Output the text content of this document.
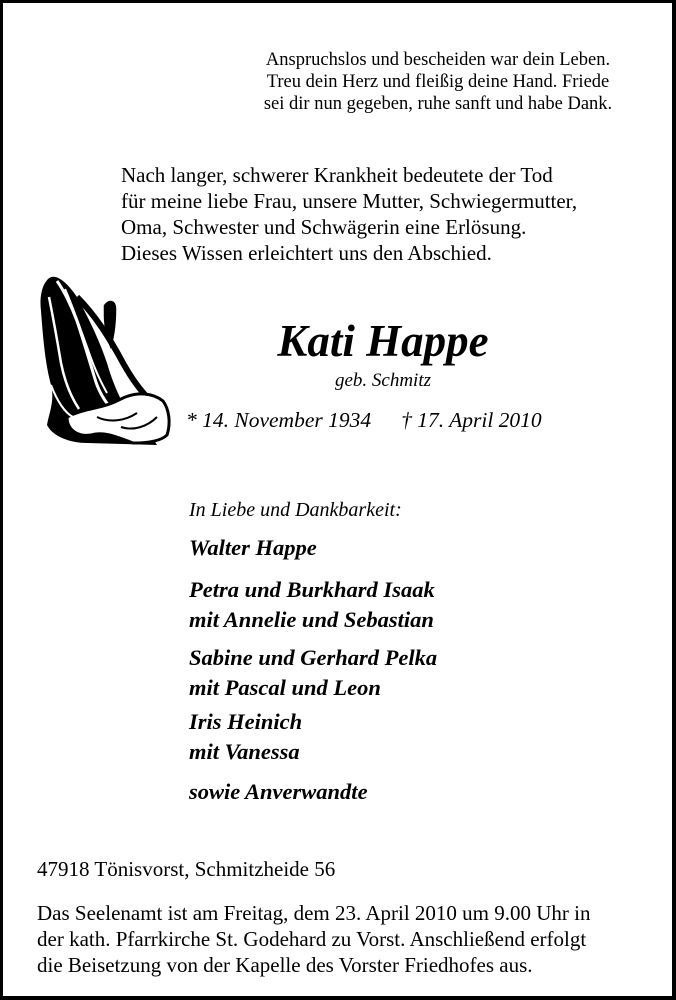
Anspruchslos und bescheiden war dein Leben.
Treu dein Herz und fleißig deine Hand. Friede
sei dir nun gegeben, ruhe sanft und habe Dank.
Nach langer, schwerer Krankheit bedeutete der Tod
für meine liebe Frau, unsere Mutter, Schwiegermutter,
Oma, Schwester und Schwägerin eine Erlösung.
Dieses Wissen erleichtert uns den Abschied.
Kati Happe
geb. Schmitz
* 14. November 1934 † 17. April 2010
In Liebe und Dankbarkeit:
Walter Happe
Petra und Burkhard Isaak
mit Annelie und Sebastian
Sabine und Gerhard Pelka
mit Pascal und Leon
Iris Heinich
mit Vanessa
sowie Anverwandte
47918 Tönisvorst, Schmitzheide 56
Das Seelenamt ist am Freitag, dem 23. April 2010 um 9.00 Uhr in
der kath. Pfarrkirche St. Godehard zu Vorst. Anschließend erfolgt
die Beisetzung von der Kapelle des Vorster Friedhofes aus.
